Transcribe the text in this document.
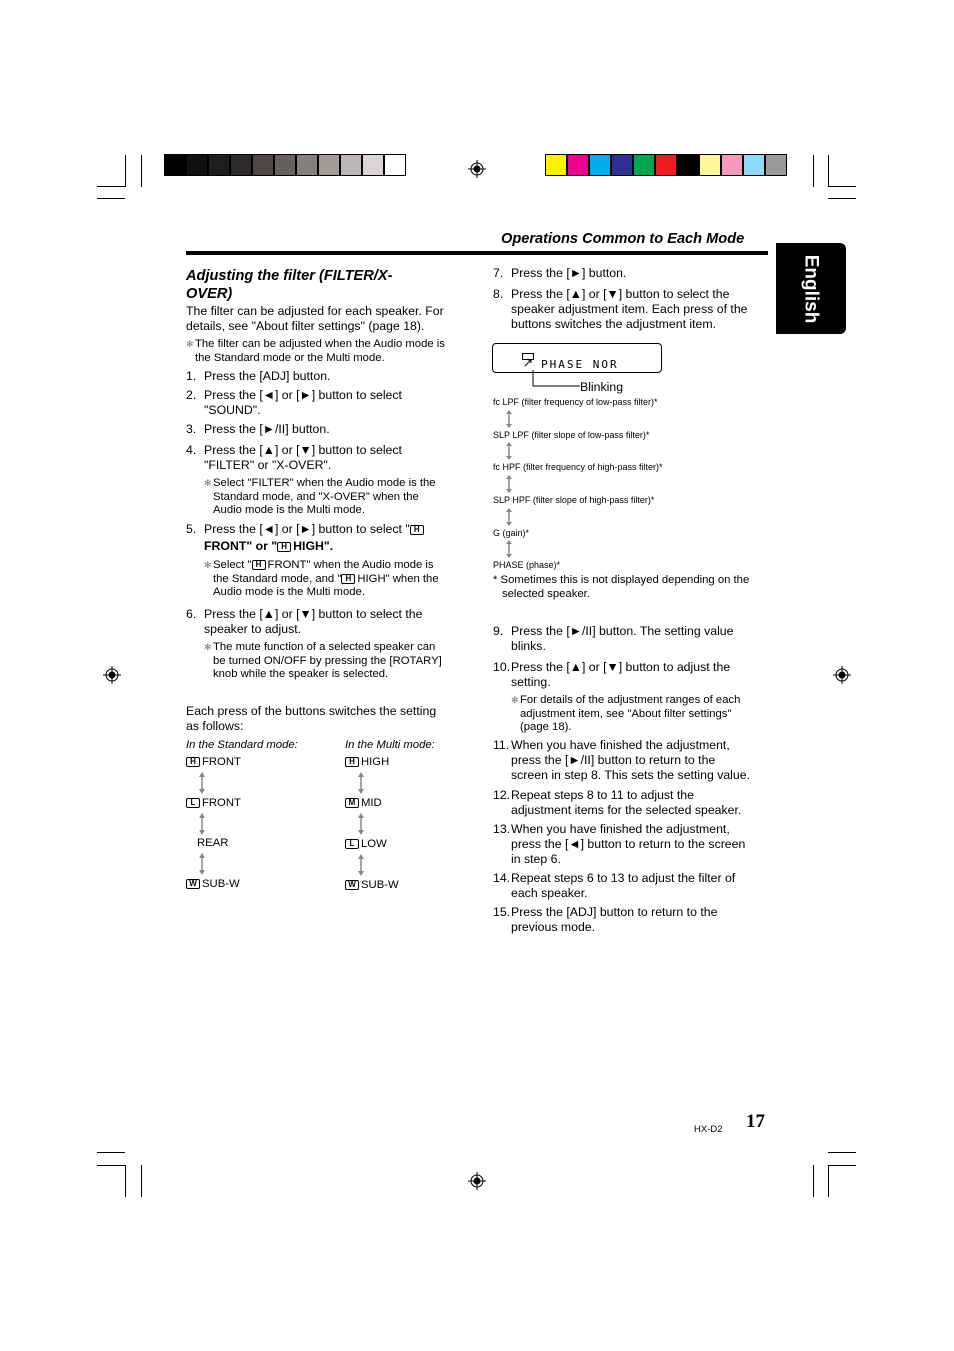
Operations Common to Each Mode
English
Adjusting the filter (FILTER/X-
OVER)
The filter can be adjusted for each speaker. For
details, see "About filter settings" (page 18).
✻ The filter can be adjusted when the Audio mode is
the Standard mode or the Multi mode.
1. Press the [ADJ] button.
2. Press the [◄] or [►] button to select
"SOUND".
3. Press the [►/II] button.
4. Press the [▲] or [▼] button to select
"FILTER" or "X-OVER".
✻ Select "FILTER" when the Audio mode is the
Standard mode, and "X-OVER" when the
Audio mode is the Multi mode.
5. Press the [◄] or [►] button to select " H
FRONT" or " H HIGH".
✻ Select " H FRONT" when the Audio mode is
the Standard mode, and " H HIGH" when the
Audio mode is the Multi mode.
6. Press the [▲] or [▼] button to select the
speaker to adjust.
✻ The mute function of a selected speaker can
be turned ON/OFF by pressing the [ROTARY]
knob while the speaker is selected.
Each press of the buttons switches the setting
as follows:
In the Standard mode:	In the Multi mode:
H FRONT
L FRONT
REAR
W SUB-W
H HIGH
M MID
L LOW
W SUB-W
7. Press the [►] button.
8. Press the [▲] or [▼] button to select the
speaker adjustment item. Each press of the
buttons switches the adjustment item.
PHASE NOR
Blinking
fc LPF (filter frequency of low-pass filter)*
SLP LPF (filter slope of low-pass filter)*
fc HPF (filter frequency of high-pass filter)*
SLP HPF (filter slope of high-pass filter)*
G (gain)*
PHASE (phase)*
* Sometimes this is not displayed depending on the
selected speaker.
9. Press the [►/II] button. The setting value
blinks.
10. Press the [▲] or [▼] button to adjust the
setting.
✻ For details of the adjustment ranges of each
adjustment item, see "About filter settings"
(page 18).
11. When you have finished the adjustment,
press the [►/II] button to return to the
screen in step 8. This sets the setting value.
12. Repeat steps 8 to 11 to adjust the
adjustment items for the selected speaker.
13. When you have finished the adjustment,
press the [◄] button to return to the screen
in step 6.
14. Repeat steps 6 to 13 to adjust the filter of
each speaker.
15. Press the [ADJ] button to return to the
previous mode.
HX-D2 17
